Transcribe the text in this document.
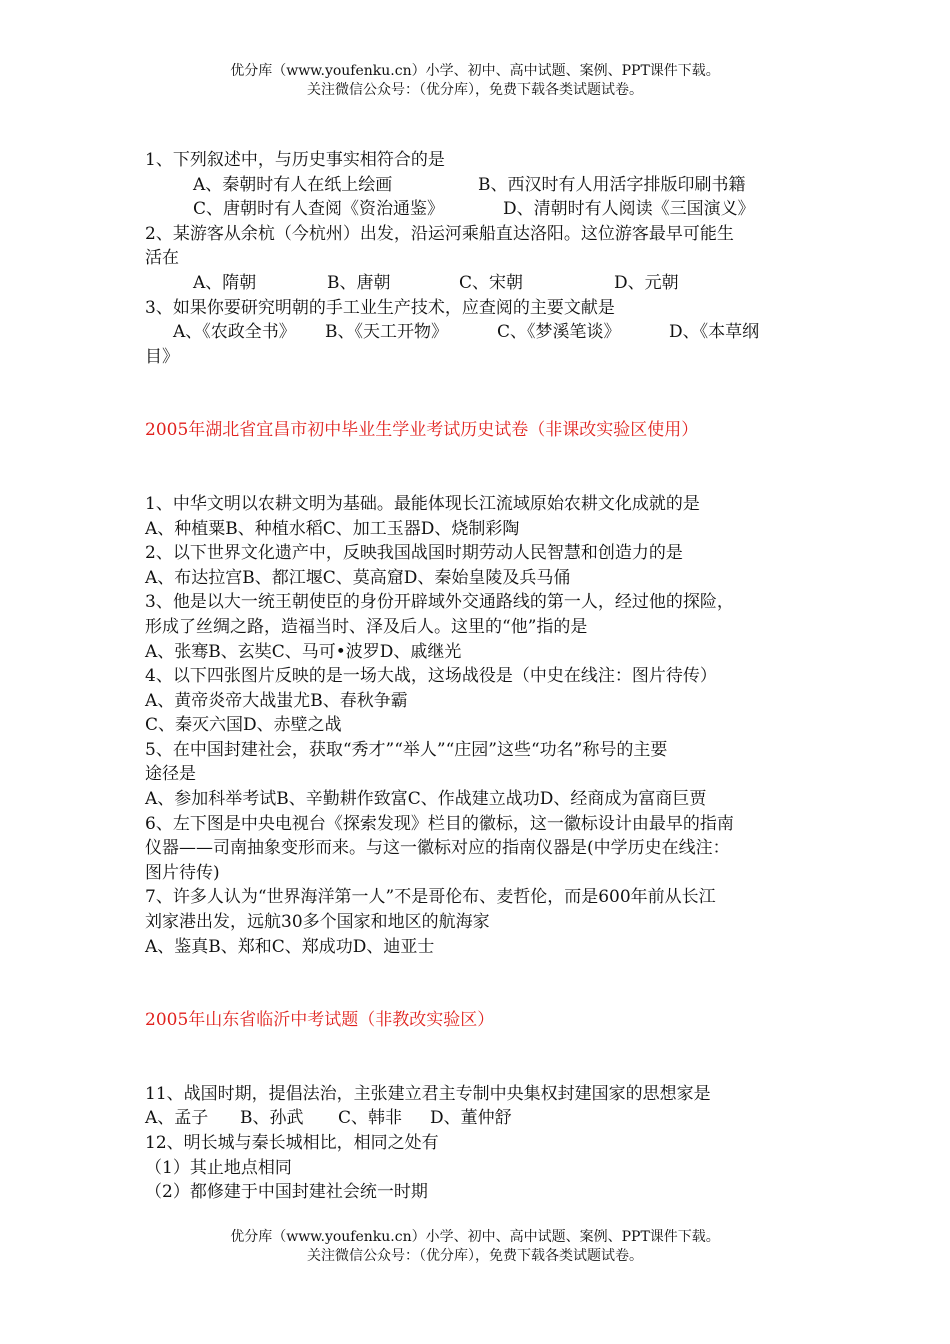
优分库（www.youfenku.cn）小学、初中、高中试题、案例、PPT课件下载。
关注微信公众号：（优分库），免费下载各类试题试卷。
1、下列叙述中，与历史事实相符合的是
A、秦朝时有人在纸上绘画	B、西汉时有人用活字排版印刷书籍
C、唐朝时有人查阅《资治通鉴》	D、清朝时有人阅读《三国演义》
2、某游客从余杭（今杭州）出发，沿运河乘船直达洛阳。这位游客最早可能生
活在
A、隋朝	B、唐朝	C、宋朝	D、元朝
3、如果你要研究明朝的手工业生产技术，应查阅的主要文献是
A、《农政全书》 B、《天工开物》	C、《梦溪笔谈》	D、《本草纲
目》
2005年湖北省宜昌市初中毕业生学业考试历史试卷（非课改实验区使用）
1、中华文明以农耕文明为基础。最能体现长江流域原始农耕文化成就的是
A、种植粟B、种植水稻C、加工玉器D、烧制彩陶
2、以下世界文化遗产中，反映我国战国时期劳动人民智慧和创造力的是
A、布达拉宫B、都江堰C、莫高窟D、秦始皇陵及兵马俑
3、他是以大一统王朝使臣的身份开辟域外交通路线的第一人，经过他的探险，
形成了丝绸之路，造福当时、泽及后人。这里的“他”指的是
A、张骞B、玄奘C、马可•波罗D、戚继光
4、以下四张图片反映的是一场大战，这场战役是（中史在线注：图片待传）
A、黄帝炎帝大战蚩尤B、春秋争霸
C、秦灭六国D、赤壁之战
5、在中国封建社会，获取“秀才”“举人”“庄园”这些“功名”称号的主要
途径是
A、参加科举考试B、辛勤耕作致富C、作战建立战功D、经商成为富商巨贾
6、左下图是中央电视台《探索发现》栏目的徽标，这一徽标设计由最早的指南
仪器——司南抽象变形而来。与这一徽标对应的指南仪器是(中学历史在线注：
图片待传)
7、许多人认为“世界海洋第一人”不是哥伦布、麦哲伦，而是600年前从长江
刘家港出发，远航30多个国家和地区的航海家
A、鉴真B、郑和C、郑成功D、迪亚士
2005年山东省临沂中考试题（非教改实验区）
11、战国时期，提倡法治，主张建立君主专制中央集权封建国家的思想家是
A、孟子 B、孙武 C、韩非 D、董仲舒
12、明长城与秦长城相比，相同之处有
（1）其止地点相同
（2）都修建于中国封建社会统一时期
优分库（www.youfenku.cn）小学、初中、高中试题、案例、PPT课件下载。
关注微信公众号：（优分库），免费下载各类试题试卷。
